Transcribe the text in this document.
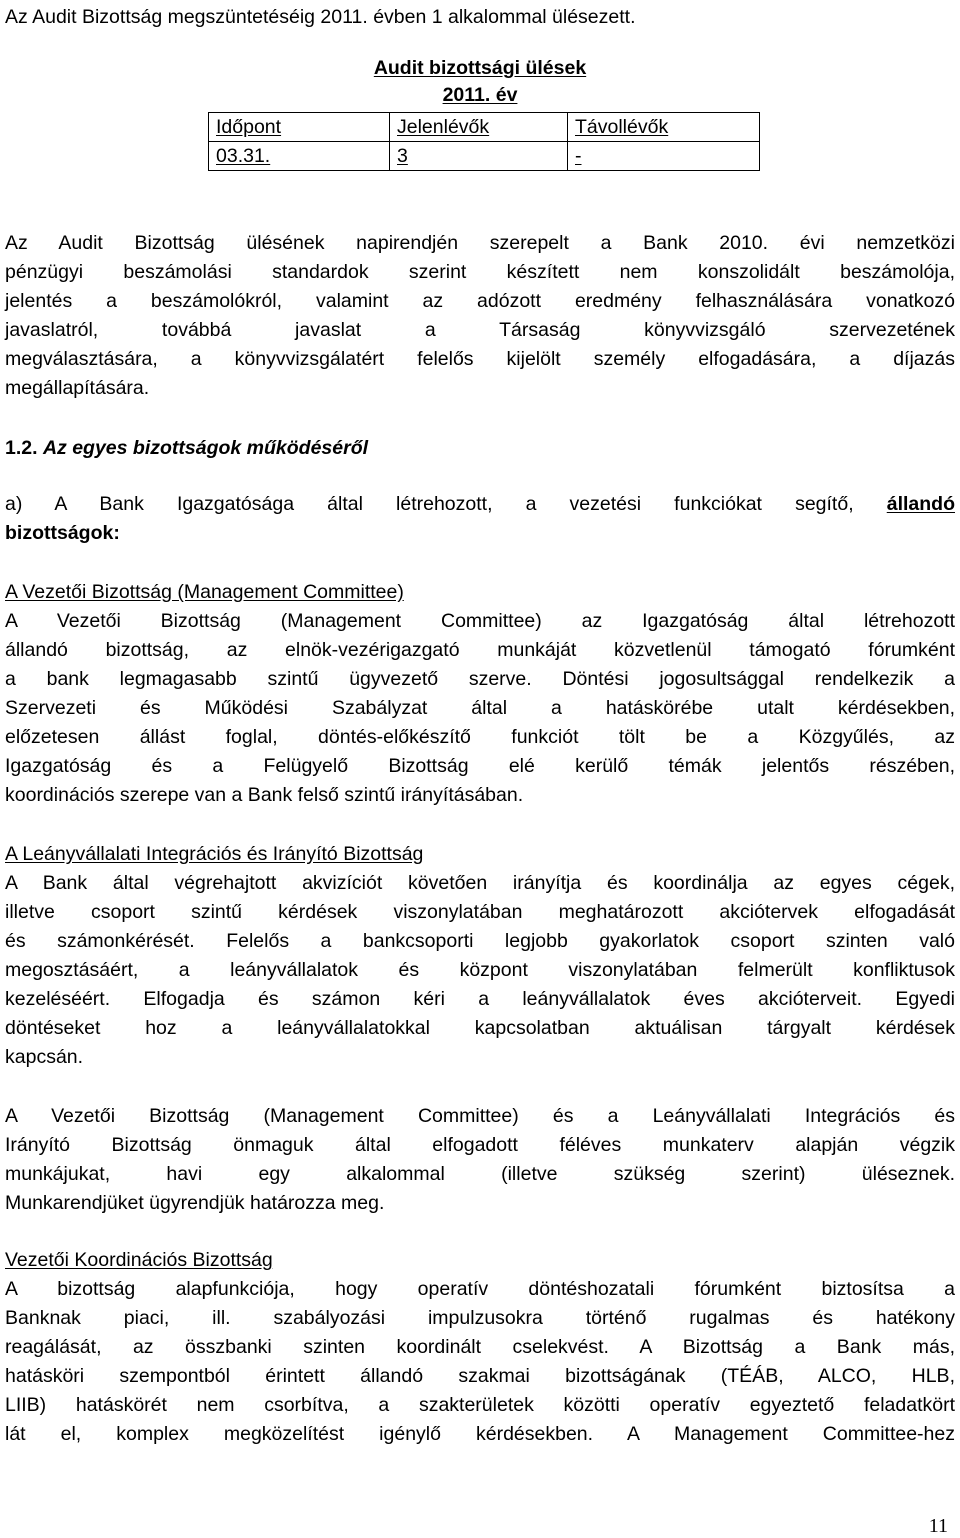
Az Audit Bizottság megszüntetéséig 2011. évben 1 alkalommal ülésezett.
Audit bizottsági ülések
2011. év
Időpont	Jelenlévők	Távollévők
03.31.	3	-
Az Audit Bizottság ülésének napirendjén szerepelt a Bank 2010. évi nemzetközi
pénzügyi beszámolási standardok szerint készített nem konszolidált beszámolója,
jelentés a beszámolókról, valamint az adózott eredmény felhasználására vonatkozó
javaslatról, továbbá javaslat a Társaság könyvvizsgáló szervezetének
megválasztására, a könyvvizsgálatért felelős kijelölt személy elfogadására, a díjazás
megállapítására.
1.2. Az egyes bizottságok működéséről
a) A Bank Igazgatósága által létrehozott, a vezetési funkciókat segítő, állandó
bizottságok:
A Vezetői Bizottság (Management Committee)
A Vezetői Bizottság (Management Committee) az Igazgatóság által létrehozott
állandó bizottság, az elnök-vezérigazgató munkáját közvetlenül támogató fórumként
a bank legmagasabb szintű ügyvezető szerve. Döntési jogosultsággal rendelkezik a
Szervezeti és Működési Szabályzat által a hatáskörébe utalt kérdésekben,
előzetesen állást foglal, döntés-előkészítő funkciót tölt be a Közgyűlés, az
Igazgatóság és a Felügyelő Bizottság elé kerülő témák jelentős részében,
koordinációs szerepe van a Bank felső szintű irányításában.
A Leányvállalati Integrációs és Irányító Bizottság
A Bank által végrehajtott akvizíciót követően irányítja és koordinálja az egyes cégek,
illetve csoport szintű kérdések viszonylatában meghatározott akciótervek elfogadását
és számonkérését. Felelős a bankcsoporti legjobb gyakorlatok csoport szinten való
megosztásáért, a leányvállalatok és központ viszonylatában felmerült konfliktusok
kezeléséért. Elfogadja és számon kéri a leányvállalatok éves akcióterveit. Egyedi
döntéseket hoz a leányvállalatokkal kapcsolatban aktuálisan tárgyalt kérdések
kapcsán.
A Vezetői Bizottság (Management Committee) és a Leányvállalati Integrációs és
Irányító Bizottság önmaguk által elfogadott féléves munkaterv alapján végzik
munkájukat, havi egy alkalommal (illetve szükség szerint) üléseznek.
Munkarendjüket ügyrendjük határozza meg.
Vezetői Koordinációs Bizottság
A bizottság alapfunkciója, hogy operatív döntéshozatali fórumként biztosítsa a
Banknak piaci, ill. szabályozási impulzusokra történő rugalmas és hatékony
reagálását, az összbanki szinten koordinált cselekvést. A Bizottság a Bank más,
hatásköri szempontból érintett állandó szakmai bizottságának (TÉÁB, ALCO, HLB,
LIIB) hatáskörét nem csorbítva, a szakterületek közötti operatív egyeztető feladatkört
lát el, komplex megközelítést igénylő kérdésekben. A Management Committee-hez
11
